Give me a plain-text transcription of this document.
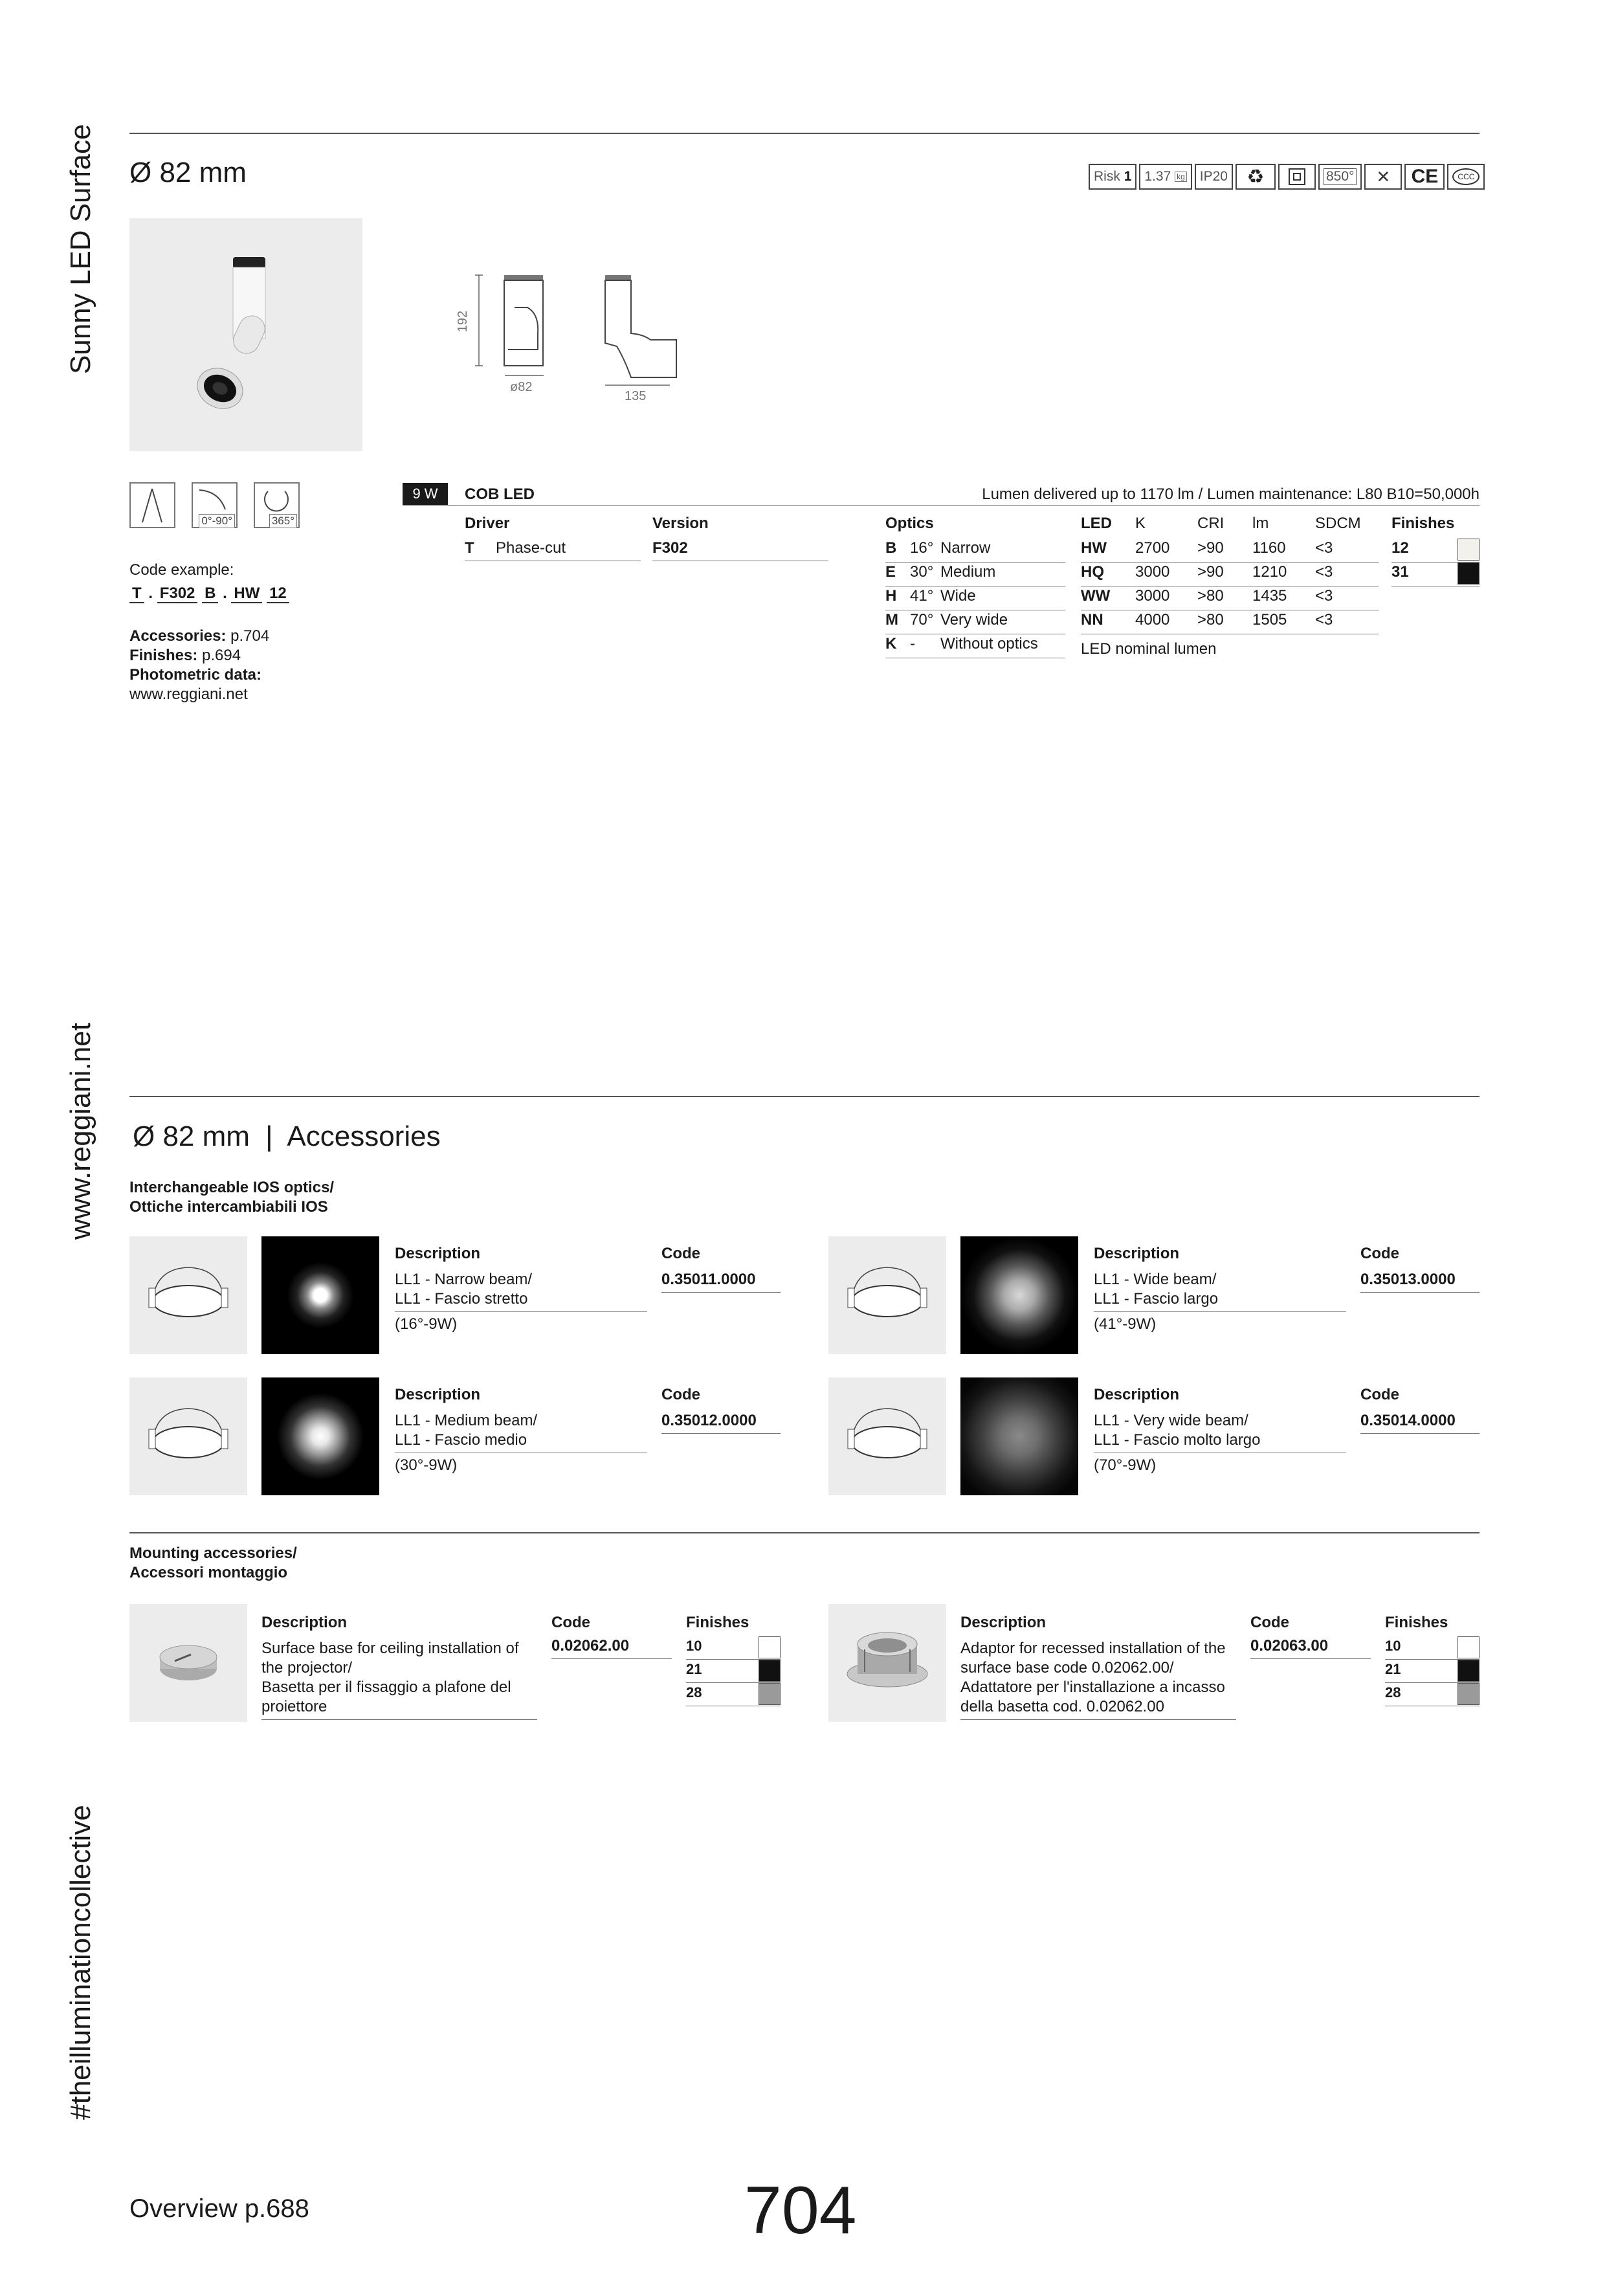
Sunny LED Surface
www.reggiani.net
#theilluminationcollective
Ø 82 mm	Risk
1 1.37
kg	IP20 ♻	850°	✕	CE	CCC
192
ø82
135
0°-90°	365°
Code example:
T . F302 B . HW 12
Accessories: p.704
Finishes: p.694
Photometric data:
www.reggiani.net
9 W	COB LED	Lumen delivered up to 1170 lm / Lumen maintenance: L80 B10=50,000h
Driver
T Phase-cut
Version
F302
Optics
B 16° Narrow
E 30° Medium
H 41° Wide
M 70° Very wide
K - Without optics
LED K	CRI lm	SDCM
HW 2700 >90 1160 <3
HQ 3000 >90 1210 <3
WW 3000 >80 1435 <3
NN 4000 >80 1505 <3
LED nominal lumen
Finishes
12
31
Ø 82 mm | Accessories
Interchangeable IOS optics/
Ottiche intercambiabili IOS
Description
LL1 - Narrow beam/
LL1 - Fascio stretto
(16°-9W)
Code
0.35011.0000
Description
LL1 - Wide beam/
LL1 - Fascio largo
(41°-9W)
Code
0.35013.0000
Description
LL1 - Medium beam/
LL1 - Fascio medio
(30°-9W)
Code
0.35012.0000
Description
LL1 - Very wide beam/
LL1 - Fascio molto largo
(70°-9W)
Code
0.35014.0000
Mounting accessories/
Accessori montaggio
Description
Surface base for ceiling installation of
the projector/
Basetta per il fissaggio a plafone del
proiettore
Code
0.02062.00
Finishes
10
21
28
Description
Adaptor for recessed installation of the
surface base code 0.02062.00/
Adattatore per l'installazione a incasso
della basetta cod. 0.02062.00
Code
0.02063.00
Finishes
10
21
28
Overview p.688	704
